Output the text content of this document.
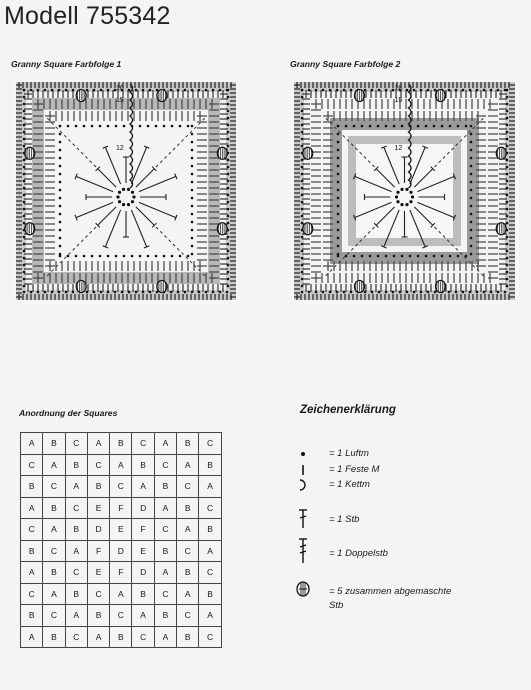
Modell 755342
Granny Square Farbfolge 1	Granny Square Farbfolge 2
16
15
12
16
15
12
Anordnung der Squares
A	B	C	A	B	C	A	B	C
C	A	B	C	A	B	C	A	B
B	C	A	B	C	A	B	C	A
A	B	C	E	F	D	A	B	C
C	A	B	D	E	F	C	A	B
B	C	A	F	D	E	B	C	A
A	B	C	E	F	D	A	B	C
C	A	B	C	A	B	C	A	B
B	C	A	B	C	A	B	C	A
A	B	C	A	B	C	A	B	C
Zeichenerklärung
= 1 Luftm
= 1 Feste M
= 1 Kettm
= 1 Stb
= 1 Doppelstb
= 5 zusammen abgemaschte
Stb
